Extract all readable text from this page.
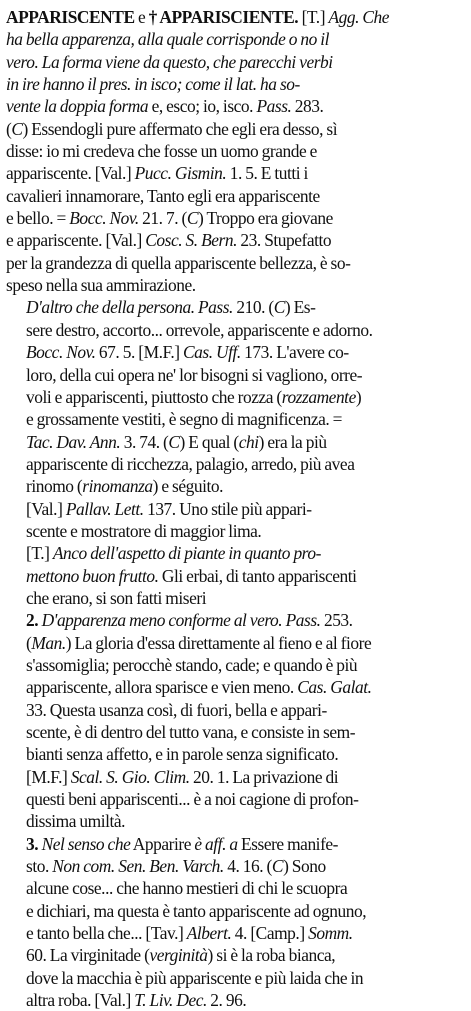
APPARISCENTE e † APPARISCIENTE. [T.] Agg. Che
ha bella apparenza, alla quale corrisponde o no il
vero. La forma viene da questo, che parecchi verbi
in ire hanno il pres. in isco; come il lat. ha so-
vente la doppia forma e, esco; io, isco. Pass. 283.
(C) Essendogli pure affermato che egli era desso, sì
disse: io mi credeva che fosse un uomo grande e
appariscente. [Val.] Pucc. Gismin. 1. 5. E tutti i
cavalieri innamorare, Tanto egli era appariscente
e bello. = Bocc. Nov. 21. 7. (C) Troppo era giovane
e appariscente. [Val.] Cosc. S. Bern. 23. Stupefatto
per la grandezza di quella appariscente bellezza, è so-
speso nella sua ammirazione.
D'altro che della persona. Pass. 210. (C) Es-
sere destro, accorto... orrevole, appariscente e adorno.
Bocc. Nov. 67. 5. [M.F.] Cas. Uff. 173. L'avere co-
loro, della cui opera ne' lor bisogni si vagliono, orre-
voli e appariscenti, piuttosto che rozza (rozzamente)
e grossamente vestiti, è segno di magnificenza. =
Tac. Dav. Ann. 3. 74. (C) E qual (chi) era la più
appariscente di ricchezza, palagio, arredo, più avea
rinomo (rinomanza) e séguito.
[Val.] Pallav. Lett. 137. Uno stile più appari-
scente e mostratore di maggior lima.
[T.] Anco dell'aspetto di piante in quanto pro-
mettono buon frutto. Gli erbai, di tanto appariscenti
che erano, si son fatti miseri
2. D'apparenza meno conforme al vero. Pass. 253.
(Man.) La gloria d'essa direttamente al fieno e al fiore
s'assomiglia; perocchè stando, cade; e quando è più
appariscente, allora sparisce e vien meno. Cas. Galat.
33. Questa usanza così, di fuori, bella e appari-
scente, è di dentro del tutto vana, e consiste in sem-
bianti senza affetto, e in parole senza significato.
[M.F.] Scal. S. Gio. Clim. 20. 1. La privazione di
questi beni appariscenti... è a noi cagione di profon-
dissima umiltà.
3. Nel senso che Apparire è aff. a Essere manife-
sto. Non com. Sen. Ben. Varch. 4. 16. (C) Sono
alcune cose... che hanno mestieri di chi le scuopra
e dichiari, ma questa è tanto appariscente ad ognuno,
e tanto bella che... [Tav.] Albert. 4. [Camp.] Somm.
60. La virginitade (verginità) si è la roba bianca,
dove la macchia è più appariscente e più laida che in
altra roba. [Val.] T. Liv. Dec. 2. 96.
